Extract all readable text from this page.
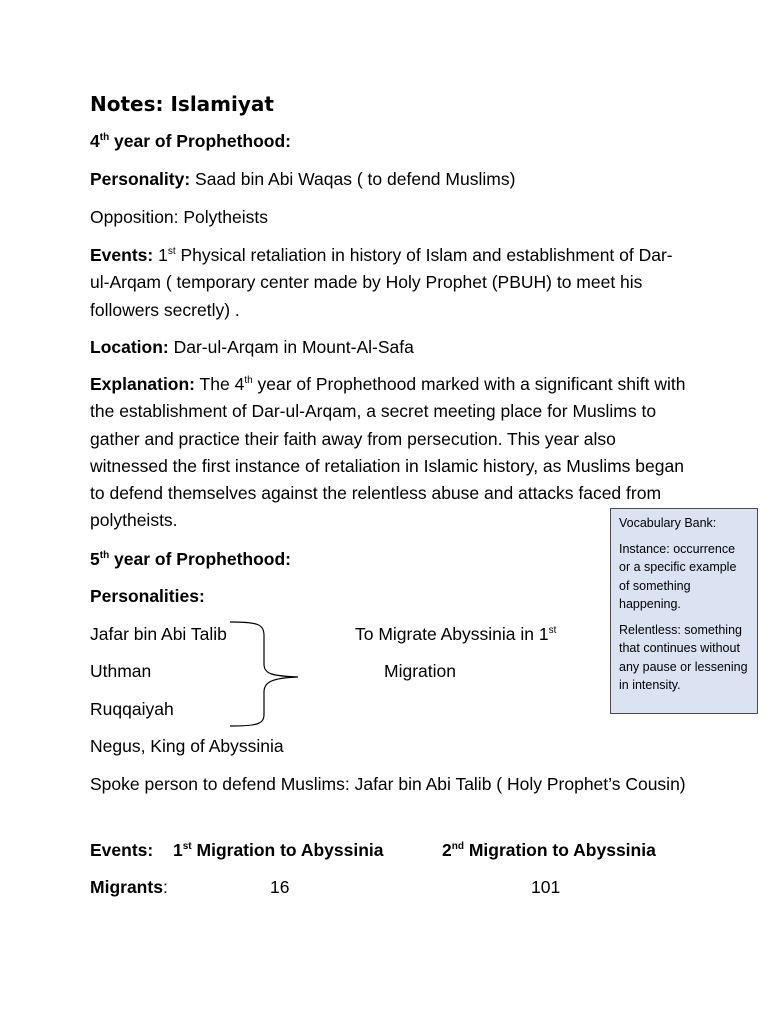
Notes: Islamiyat
4th year of Prophethood:
Personality: Saad bin Abi Waqas ( to defend Muslims)
Opposition: Polytheists
Events: 1st Physical retaliation in history of Islam and establishment of Dar-ul-Arqam ( temporary center made by Holy Prophet (PBUH) to meet his followers secretly) .
Location: Dar-ul-Arqam in Mount-Al-Safa
Explanation: The 4th year of Prophethood marked with a significant shift with the establishment of Dar-ul-Arqam, a secret meeting place for Muslims to gather and practice their faith away from persecution. This year also witnessed the first instance of retaliation in Islamic history, as Muslims began to defend themselves against the relentless abuse and attacks faced from polytheists.
5th year of Prophethood:
Personalities:
Jafar bin Abi Talib
Uthman
Ruqqaiyah
To Migrate Abyssinia in 1st
Migration
Negus, King of Abyssinia
Spoke person to defend Muslims: Jafar bin Abi Talib ( Holy Prophet’s Cousin)
Events: 1st Migration to Abyssinia	2nd Migration to Abyssinia
Migrants:	16	101

Vocabulary Bank:

Instance: occurrence or a specific example of something happening.

Relentless: something that continues without any pause or lessening in intensity.
